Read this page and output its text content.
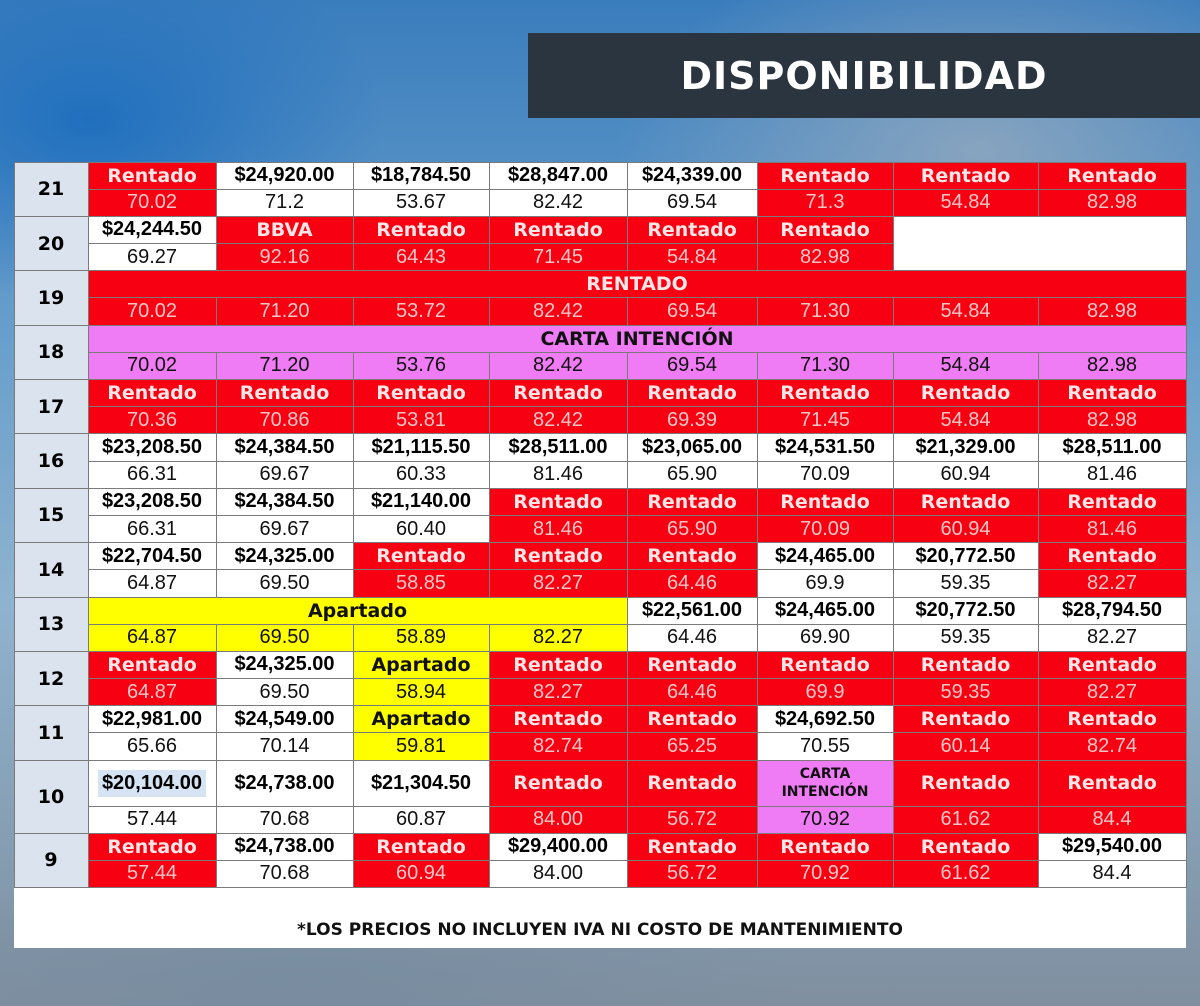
DISPONIBILIDAD
21
Rentado	$24,920.00	$18,784.50	$28,847.00	$24,339.00	Rentado	Rentado	Rentado
70.02	71.2	53.67	82.42	69.54	71.3	54.84	82.98
20
$24,244.50	BBVA	Rentado	Rentado	Rentado	Rentado
69.27	92.16	64.43	71.45	54.84	82.98
19
RENTADO
70.02	71.20	53.72	82.42	69.54	71.30	54.84	82.98
18
CARTA INTENCIÓN
70.02	71.20	53.76	82.42	69.54	71.30	54.84	82.98
17
Rentado	Rentado	Rentado	Rentado	Rentado	Rentado	Rentado	Rentado
70.36	70.86	53.81	82.42	69.39	71.45	54.84	82.98
16
$23,208.50	$24,384.50	$21,115.50	$28,511.00	$23,065.00	$24,531.50	$21,329.00	$28,511.00
66.31	69.67	60.33	81.46	65.90	70.09	60.94	81.46
15
$23,208.50	$24,384.50	$21,140.00	Rentado	Rentado	Rentado	Rentado	Rentado
66.31	69.67	60.40	81.46	65.90	70.09	60.94	81.46
14
$22,704.50	$24,325.00	Rentado	Rentado	Rentado	$24,465.00	$20,772.50	Rentado
64.87	69.50	58.85	82.27	64.46	69.9	59.35	82.27
13
Apartado	$22,561.00	$24,465.00	$20,772.50	$28,794.50
64.87	69.50	58.89	82.27	64.46	69.90	59.35	82.27
12
Rentado	$24,325.00	Apartado	Rentado	Rentado	Rentado	Rentado	Rentado
64.87	69.50	58.94	82.27	64.46	69.9	59.35	82.27
11
$22,981.00	$24,549.00	Apartado	Rentado	Rentado	$24,692.50	Rentado	Rentado
65.66	70.14	59.81	82.74	65.25	70.55	60.14	82.74
10
$20,104.00	$24,738.00	$21,304.50	Rentado	Rentado	CARTA INTENCIÓN	Rentado	Rentado
57.44	70.68	60.87	84.00	56.72	70.92	61.62	84.4
9
Rentado	$24,738.00	Rentado	$29,400.00	Rentado	Rentado	Rentado	$29,540.00
57.44	70.68	60.94	84.00	56.72	70.92	61.62	84.4
*LOS PRECIOS NO INCLUYEN IVA NI COSTO DE MANTENIMIENTO
